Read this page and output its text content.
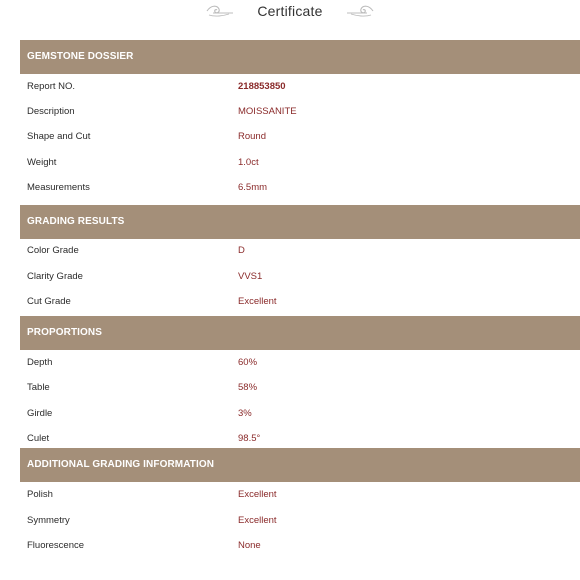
Certificate
GEMSTONE DOSSIER
Report NO.	218853850
Description	MOISSANITE
Shape and Cut	Round
Weight	1.0ct
Measurements	6.5mm
GRADING RESULTS
Color Grade	D
Clarity Grade	VVS1
Cut Grade	Excellent
PROPORTIONS
Depth	60%
Table	58%
Girdle	3%
Culet	98.5°
ADDITIONAL GRADING INFORMATION
Polish	Excellent
Symmetry	Excellent
Fluorescence	None
